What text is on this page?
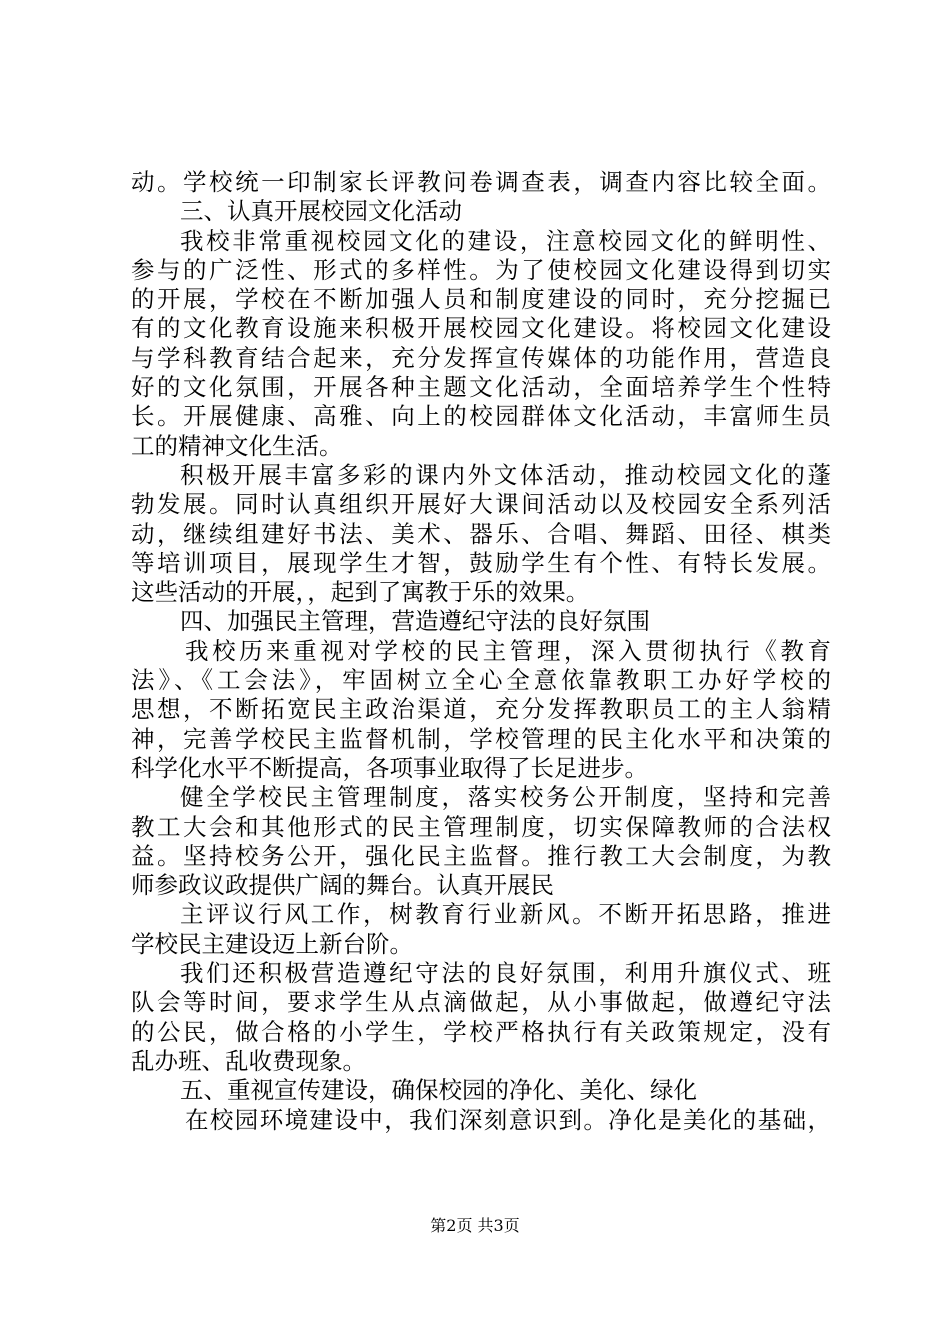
动。学校统一印制家长评教问卷调查表，调查内容比较全面。
三、认真开展校园文化活动
我校非常重视校园文化的建设，注意校园文化的鲜明性、
参与的广泛性、形式的多样性。为了使校园文化建设得到切实
的开展，学校在不断加强人员和制度建设的同时，充分挖掘已
有的文化教育设施来积极开展校园文化建设。将校园文化建设
与学科教育结合起来，充分发挥宣传媒体的功能作用，营造良
好的文化氛围，开展各种主题文化活动，全面培养学生个性特
长。开展健康、高雅、向上的校园群体文化活动，丰富师生员
工的精神文化生活。
积极开展丰富多彩的课内外文体活动，推动校园文化的蓬
勃发展。同时认真组织开展好大课间活动以及校园安全系列活
动，继续组建好书法、美术、器乐、合唱、舞蹈、田径、棋类
等培训项目，展现学生才智，鼓励学生有个性、有特长发展。
这些活动的开展，，起到了寓教于乐的效果。
四、加强民主管理，营造遵纪守法的良好氛围
我校历来重视对学校的民主管理，深入贯彻执行《教育
法》、《工会法》，牢固树立全心全意依靠教职工办好学校的
思想，不断拓宽民主政治渠道，充分发挥教职员工的主人翁精
神，完善学校民主监督机制，学校管理的民主化水平和决策的
科学化水平不断提高，各项事业取得了长足进步。
健全学校民主管理制度，落实校务公开制度，坚持和完善
教工大会和其他形式的民主管理制度，切实保障教师的合法权
益。坚持校务公开，强化民主监督。推行教工大会制度，为教
师参政议政提供广阔的舞台。认真开展民
主评议行风工作，树教育行业新风。不断开拓思路，推进
学校民主建设迈上新台阶。
我们还积极营造遵纪守法的良好氛围，利用升旗仪式、班
队会等时间，要求学生从点滴做起，从小事做起，做遵纪守法
的公民，做合格的小学生，学校严格执行有关政策规定，没有
乱办班、乱收费现象。
五、重视宣传建设，确保校园的净化、美化、绿化
在校园环境建设中，我们深刻意识到。净化是美化的基础，
第2页 共3页
